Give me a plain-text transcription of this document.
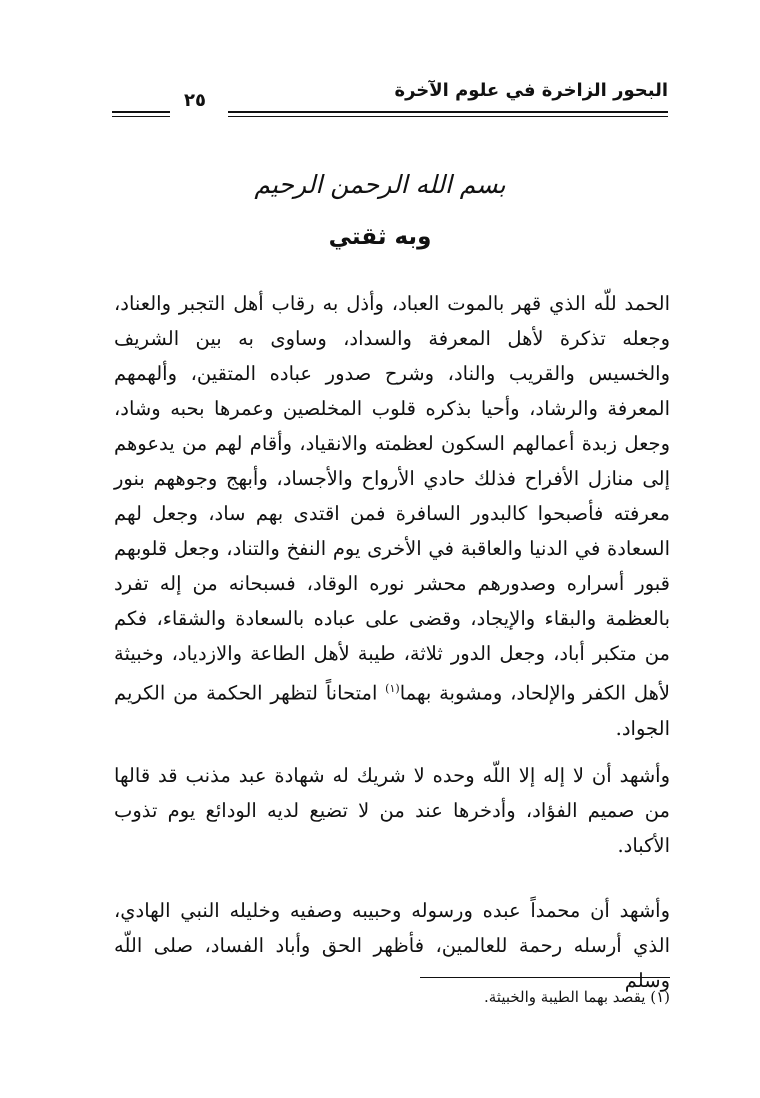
البحور الزاخرة في علوم الآخرة
٢٥
بسم الله الرحمن الرحيم
وبه ثقتي
الحمد للّه الذي قهر بالموت العباد، وأذل به رقاب أهل التجبر والعناد، وجعله تذكرة لأهل المعرفة والسداد، وساوى به بين الشريف والخسيس والقريب والناد، وشرح صدور عباده المتقين، وألهمهم المعرفة والرشاد، وأحيا بذكره قلوب المخلصين وعمرها بحبه وشاد، وجعل زبدة أعمالهم السكون لعظمته والانقياد، وأقام لهم من يدعوهم إلى منازل الأفراح فذلك حادي الأرواح والأجساد، وأبهج وجوههم بنور معرفته فأصبحوا كالبدور السافرة فمن اقتدى بهم ساد، وجعل لهم السعادة في الدنيا والعاقبة في الأخرى يوم النفخ والتناد، وجعل قلوبهم قبور أسراره وصدورهم محشر نوره الوقاد، فسبحانه من إله تفرد بالعظمة والبقاء والإيجاد، وقضى على عباده بالسعادة والشقاء، فكم من متكبر أباد، وجعل الدور ثلاثة، طيبة لأهل الطاعة والازدياد، وخبيثة لأهل الكفر والإلحاد، ومشوبة بهما$^{(١)}$ امتحاناً لتظهر الحكمة من الكريم الجواد.
وأشهد أن لا إله إلا اللّه وحده لا شريك له شهادة عبد مذنب قد قالها من صميم الفؤاد، وأدخرها عند من لا تضيع لديه الودائع يوم تذوب الأكباد.
وأشهد أن محمداً عبده ورسوله وحبيبه وصفيه وخليله النبي الهادي، الذي أرسله رحمة للعالمين، فأظهر الحق وأباد الفساد، صلى اللّه وسلم
(١) يقصد بهما الطيبة والخبيثة.
